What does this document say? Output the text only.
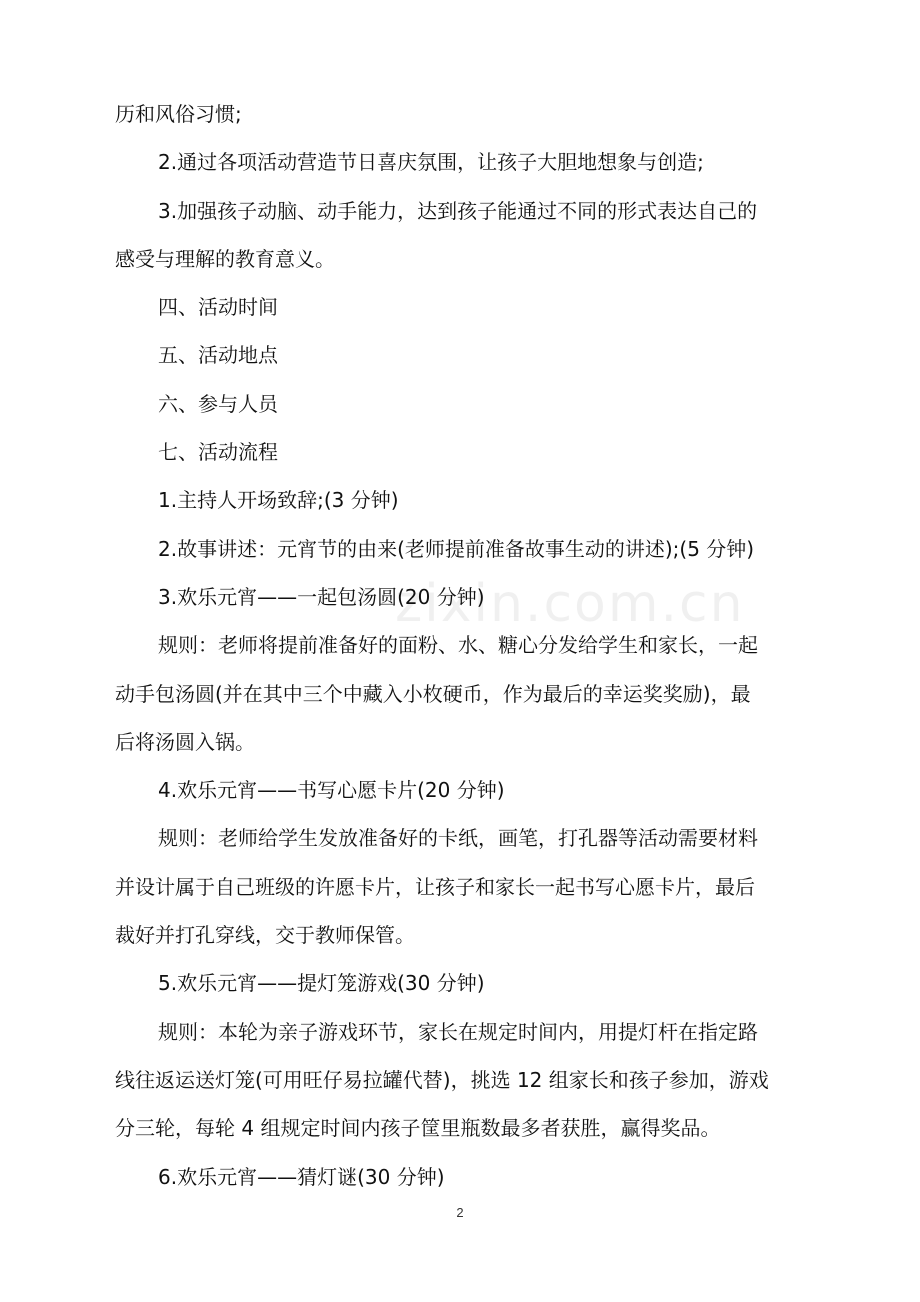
历和风俗习惯;
2.通过各项活动营造节日喜庆氛围，让孩子大胆地想象与创造;
3.加强孩子动脑、动手能力，达到孩子能通过不同的形式表达自己的
感受与理解的教育意义。
四、活动时间
五、活动地点
六、参与人员
七、活动流程
1.主持人开场致辞;(3 分钟)
2.故事讲述：元宵节的由来(老师提前准备故事生动的讲述);(5 分钟)
3.欢乐元宵——一起包汤圆(20 分钟)
规则：老师将提前准备好的面粉、水、糖心分发给学生和家长，一起
动手包汤圆(并在其中三个中藏入小枚硬币，作为最后的幸运奖奖励)，最
后将汤圆入锅。
4.欢乐元宵——书写心愿卡片(20 分钟)
规则：老师给学生发放准备好的卡纸，画笔，打孔器等活动需要材料
并设计属于自己班级的许愿卡片，让孩子和家长一起书写心愿卡片，最后
裁好并打孔穿线，交于教师保管。
5.欢乐元宵——提灯笼游戏(30 分钟)
规则：本轮为亲子游戏环节，家长在规定时间内，用提灯杆在指定路
线往返运送灯笼(可用旺仔易拉罐代替)，挑选 12 组家长和孩子参加，游戏
分三轮，每轮 4 组规定时间内孩子筐里瓶数最多者获胜，赢得奖品。
6.欢乐元宵——猜灯谜(30 分钟)
zixin.com.cn
2
